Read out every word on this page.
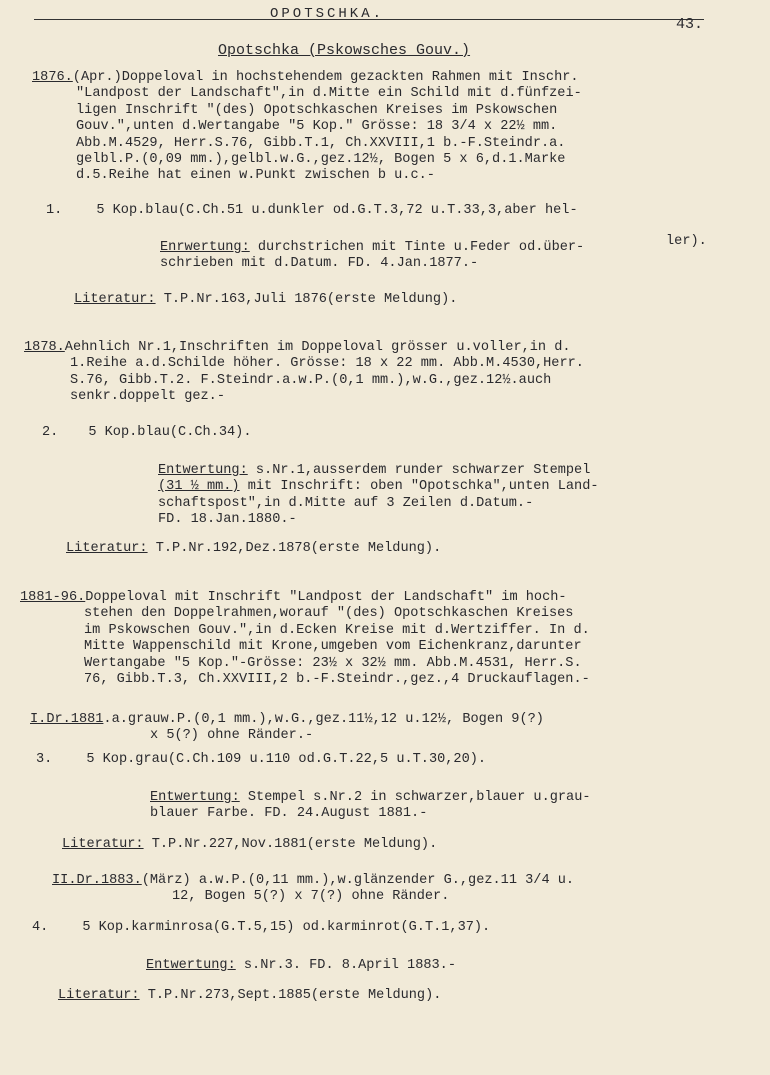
OPOTSCHKA.
43.
Opotschka (Pskowsches Gouv.)
1876.(Apr.)Doppeloval in hochstehendem gezackten Rahmen mit Inschr.
"Landpost der Landschaft",in d.Mitte ein Schild mit d.fünfzei-
ligen Inschrift "(des) Opotschkaschen Kreises im Pskowschen
Gouv.",unten d.Wertangabe "5 Kop." Grösse: 18 3/4 x 22½ mm.
Abb.M.4529, Herr.S.76, Gibb.T.1, Ch.XXVIII,1 b.-F.Steindr.a.
gelbl.P.(0,09 mm.),gelbl.w.G.,gez.12½, Bogen 5 x 6,d.1.Marke
d.5.Reihe hat einen w.Punkt zwischen b u.c.-
1.	5 Kop.blau(C.Ch.51 u.dunkler od.G.T.3,72 u.T.33,3,aber hel-
ler).
Enrwertung: durchstrichen mit Tinte u.Feder od.über-
schrieben mit d.Datum. FD. 4.Jan.1877.-
Literatur: T.P.Nr.163,Juli 1876(erste Meldung).
1878.Aehnlich Nr.1,Inschriften im Doppeloval grösser u.voller,in d.
1.Reihe a.d.Schilde höher. Grösse: 18 x 22 mm. Abb.M.4530,Herr.
S.76, Gibb.T.2. F.Steindr.a.w.P.(0,1 mm.),w.G.,gez.12½.auch
senkr.doppelt gez.-
2. 5 Kop.blau(C.Ch.34).
Entwertung: s.Nr.1,ausserdem runder schwarzer Stempel
(31 ½ mm.) mit Inschrift: oben "Opotschka",unten Land-
schaftspost",in d.Mitte auf 3 Zeilen d.Datum.-
FD. 18.Jan.1880.-
Literatur: T.P.Nr.192,Dez.1878(erste Meldung).
1881-96.Doppeloval mit Inschrift "Landpost der Landschaft" im hoch-
stehen den Doppelrahmen,worauf "(des) Opotschkaschen Kreises
im Pskowschen Gouv.",in d.Ecken Kreise mit d.Wertziffer. In d.
Mitte Wappenschild mit Krone,umgeben vom Eichenkranz,darunter
Wertangabe "5 Kop."-Grösse: 23½ x 32½ mm. Abb.M.4531, Herr.S.
76, Gibb.T.3, Ch.XXVIII,2 b.-F.Steindr.,gez.,4 Druckauflagen.-
I.Dr.1881.a.grauw.P.(0,1 mm.),w.G.,gez.11½,12 u.12½, Bogen 9(?)
x 5(?) ohne Ränder.-
3.	5 Kop.grau(C.Ch.109 u.110 od.G.T.22,5 u.T.30,20).
Entwertung: Stempel s.Nr.2 in schwarzer,blauer u.grau-
blauer Farbe. FD. 24.August 1881.-
Literatur: T.P.Nr.227,Nov.1881(erste Meldung).
II.Dr.1883.(März) a.w.P.(0,11 mm.),w.glänzender G.,gez.11 3/4 u.
12, Bogen 5(?) x 7(?) ohne Ränder.
4.	5 Kop.karminrosa(G.T.5,15) od.karminrot(G.T.1,37).
Entwertung: s.Nr.3. FD. 8.April 1883.-
Literatur: T.P.Nr.273,Sept.1885(erste Meldung).
